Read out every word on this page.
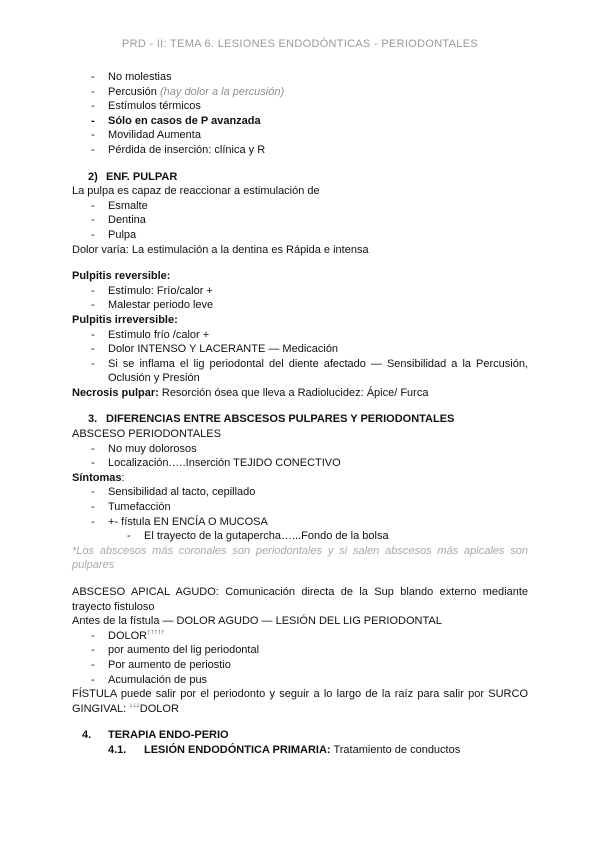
PRD - II: TEMA 6. LESIONES ENDODÓNTICAS - PERIODONTALES
- No molestias
- Percusión (hay dolor a la percusión)
- Estímulos térmicos
- Sólo en casos de P avanzada
- Movilidad Aumenta
- Pérdida de inserción: clínica y R
2) ENF. PULPAR
La pulpa es capaz de reaccionar a estimulación de
- Esmalte
- Dentina
- Pulpa
Dolor varía: La estimulación a la dentina es Rápida e intensa
Pulpitis reversible:
- Estímulo: Frío/calor +
- Malestar periodo leve
Pulpitis irreversible:
- Estímulo frío /calor +
- Dolor INTENSO Y LACERANTE — Medicación
- Si se inflama el lig periodontal del diente afectado — Sensibilidad a la Percusión, Oclusión y Presión
Necrosis pulpar: Resorción ósea que lleva a Radiolucidez: Ápice/ Furca
3. DIFERENCIAS ENTRE ABSCESOS PULPARES Y PERIODONTALES
ABSCESO PERIODONTALES
- No muy dolorosos
- Localización.….Inserción TEJIDO CONECTIVO
Síntomas:
- Sensibilidad al tacto, cepillado
- Tumefacción
- +- fístula EN ENCÍA O MUCOSA
- El trayecto de la gutapercha…...Fondo de la bolsa
*Los abscesos más coronales son periodontales y si salen abscesos más apicales son pulpares
ABSCESO APICAL AGUDO: Comunicación directa de la Sup blando externo mediante trayecto fistuloso
Antes de la fístula — DOLOR AGUDO — LESIÓN DEL LIG PERIODONTAL
- DOLOR↑↑↑↑↑
- por aumento del lig periodontal
- Por aumento de periostio
- Acumulación de pus
FÍSTULA puede salir por el periodonto y seguir a lo largo de la raíz para salir por SURCO GINGIVAL: ↓↓↓DOLOR
4. TERAPIA ENDO-PERIO
4.1. LESIÓN ENDODÓNTICA PRIMARIA: Tratamiento de conductos
